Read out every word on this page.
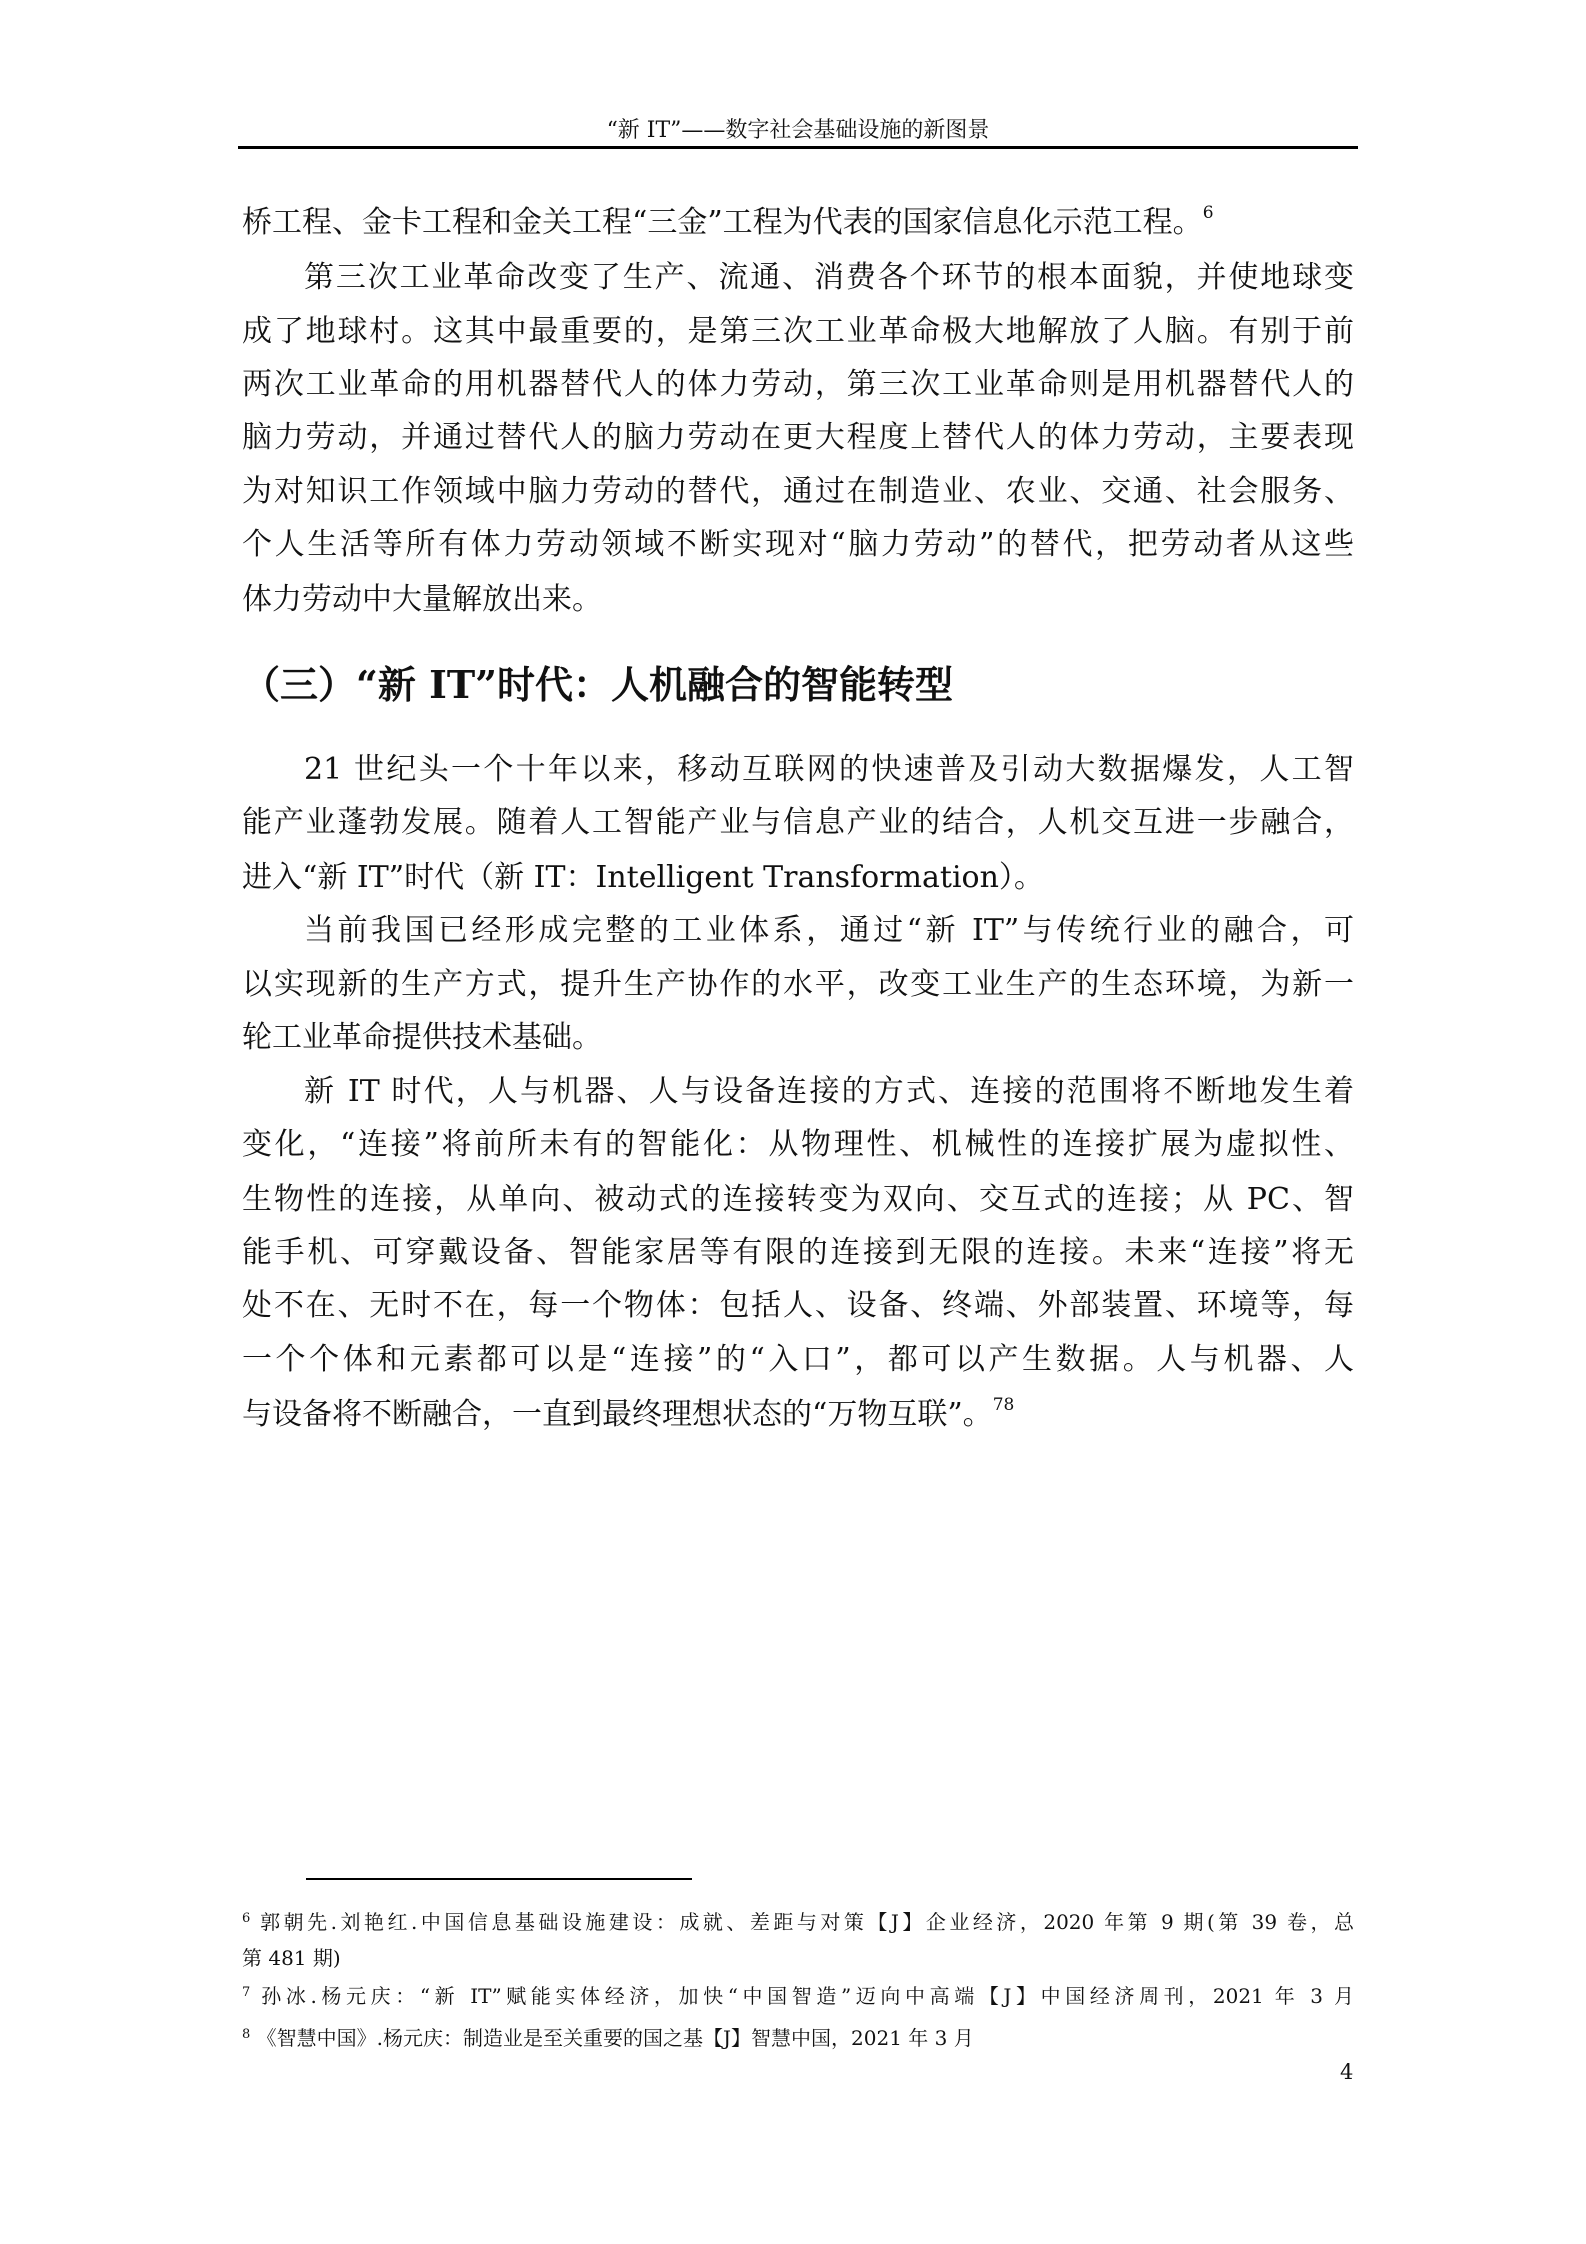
“新 IT”——数字社会基础设施的新图景
桥工程、金卡工程和金关工程“三金”工程为代表的国家信息化示范工程。$^6$
第三次工业革命改变了生产、流通、消费各个环节的根本面貌，并使地球变
成了地球村。这其中最重要的，是第三次工业革命极大地解放了人脑。有别于前
两次工业革命的用机器替代人的体力劳动，第三次工业革命则是用机器替代人的
脑力劳动，并通过替代人的脑力劳动在更大程度上替代人的体力劳动，主要表现
为对知识工作领域中脑力劳动的替代，通过在制造业、农业、交通、社会服务、
个人生活等所有体力劳动领域不断实现对“脑力劳动”的替代，把劳动者从这些
体力劳动中大量解放出来。
（三）“新 IT”时代：人机融合的智能转型
21 世纪头一个十年以来，移动互联网的快速普及引动大数据爆发，人工智
能产业蓬勃发展。随着人工智能产业与信息产业的结合，人机交互进一步融合，
进入“新 IT”时代（新 IT：Intelligent Transformation）。
当前我国已经形成完整的工业体系，通过“新 IT”与传统行业的融合，可
以实现新的生产方式，提升生产协作的水平，改变工业生产的生态环境，为新一
轮工业革命提供技术基础。
新 IT 时代，人与机器、人与设备连接的方式、连接的范围将不断地发生着
变化，“连接”将前所未有的智能化：从物理性、机械性的连接扩展为虚拟性、
生物性的连接，从单向、被动式的连接转变为双向、交互式的连接；从 PC、智
能手机、可穿戴设备、智能家居等有限的连接到无限的连接。未来“连接”将无
处不在、无时不在，每一个物体：包括人、设备、终端、外部装置、环境等，每
一个个体和元素都可以是“连接”的“入口”，都可以产生数据。人与机器、人
与设备将不断融合，一直到最终理想状态的“万物互联”。$^{78}$
$^6$ 郭朝先.刘艳红.中国信息基础设施建设：成就、差距与对策【J】企业经济，2020 年第 9 期(第 39 卷，总
第 481 期)
$^7$ 孙冰.杨元庆：“新 IT”赋能实体经济，加快“中国智造”迈向中高端【J】中国经济周刊，2021 年 3 月
$^8$ 《智慧中国》.杨元庆：制造业是至关重要的国之基【J】智慧中国，2021 年 3 月
4
